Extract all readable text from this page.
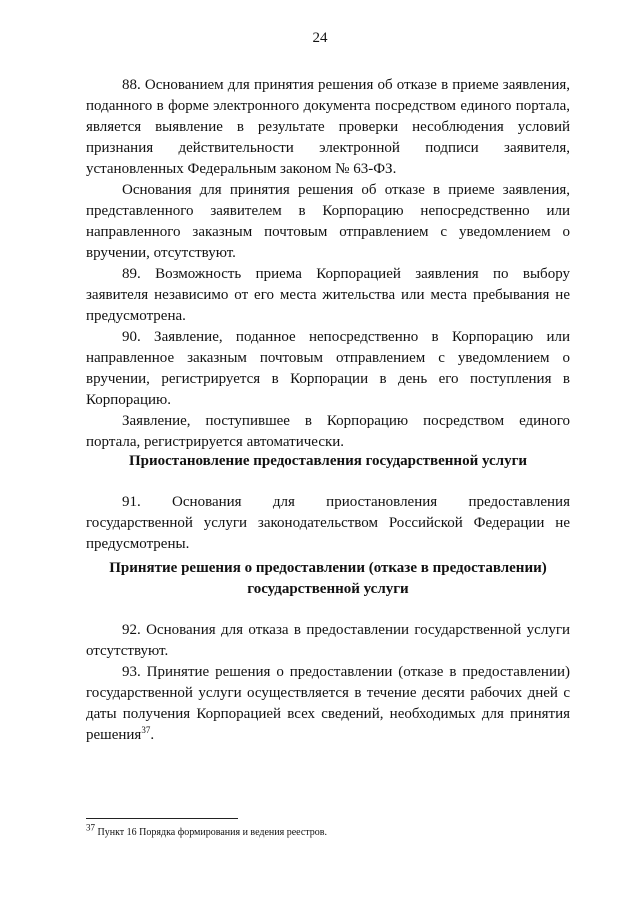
24

88. Основанием для принятия решения об отказе в приеме заявления, поданного в форме электронного документа посредством единого портала, является выявление в результате проверки несоблюдения условий признания действительности электронной подписи заявителя, установленных Федеральным законом № 63-ФЗ.

Основания для принятия решения об отказе в приеме заявления, представленного заявителем в Корпорацию непосредственно или направленного заказным почтовым отправлением с уведомлением о вручении, отсутствуют.

89. Возможность приема Корпорацией заявления по выбору заявителя независимо от его места жительства или места пребывания не предусмотрена.

90. Заявление, поданное непосредственно в Корпорацию или направленное заказным почтовым отправлением с уведомлением о вручении, регистрируется в Корпорации в день его поступления в Корпорацию.

Заявление, поступившее в Корпорацию посредством единого портала, регистрируется автоматически.

Приостановление предоставления государственной услуги

91. Основания для приостановления предоставления государственной услуги законодательством Российской Федерации не предусмотрены.

Принятие решения о предоставлении (отказе в предоставлении)
государственной услуги

92. Основания для отказа в предоставлении государственной услуги отсутствуют.

93. Принятие решения о предоставлении (отказе в предоставлении) государственной услуги осуществляется в течение десяти рабочих дней с даты получения Корпорацией всех сведений, необходимых для принятия решения$^{37}$.

$^{37}$ Пункт 16 Порядка формирования и ведения реестров.
